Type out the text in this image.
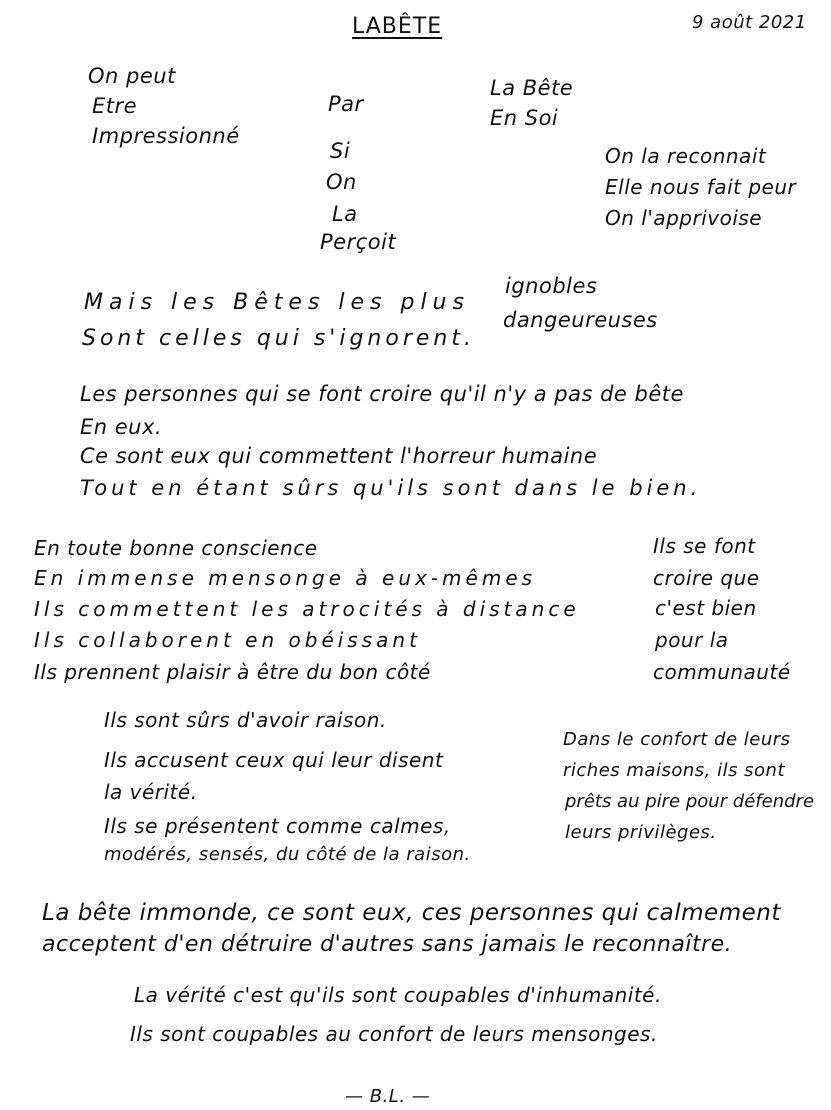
LABÊTE	9 août 2021
On peut
Etre
Impressionné
Par
Si
On
La
Perçoit
La Bête
En Soi
On la reconnait
Elle nous fait peur
On l'apprivoise
Mais les Bêtes les plus
Sont celles qui s'ignorent.
ignobles
dangeureuses
Les personnes qui se font croire qu'il n'y a pas de bête
En eux.
Ce sont eux qui commettent l'horreur humaine
Tout en étant sûrs qu'ils sont dans le bien.
En toute bonne conscience
En immense mensonge à eux-mêmes
Ils commettent les atrocités à distance
Ils collaborent en obéissant
Ils prennent plaisir à être du bon côté
Ils se font
croire que
c'est bien
pour la
communauté
Ils sont sûrs d'avoir raison.
Ils accusent ceux qui leur disent
la vérité.
Ils se présentent comme calmes,
modérés, sensés, du côté de la raison.
Dans le confort de leurs
riches maisons, ils sont
prêts au pire pour défendre
leurs privilèges.
La bête immonde, ce sont eux, ces personnes qui calmement
acceptent d'en détruire d'autres sans jamais le reconnaître.
La vérité c'est qu'ils sont coupables d'inhumanité.
Ils sont coupables au confort de leurs mensonges.
— B.L. —
